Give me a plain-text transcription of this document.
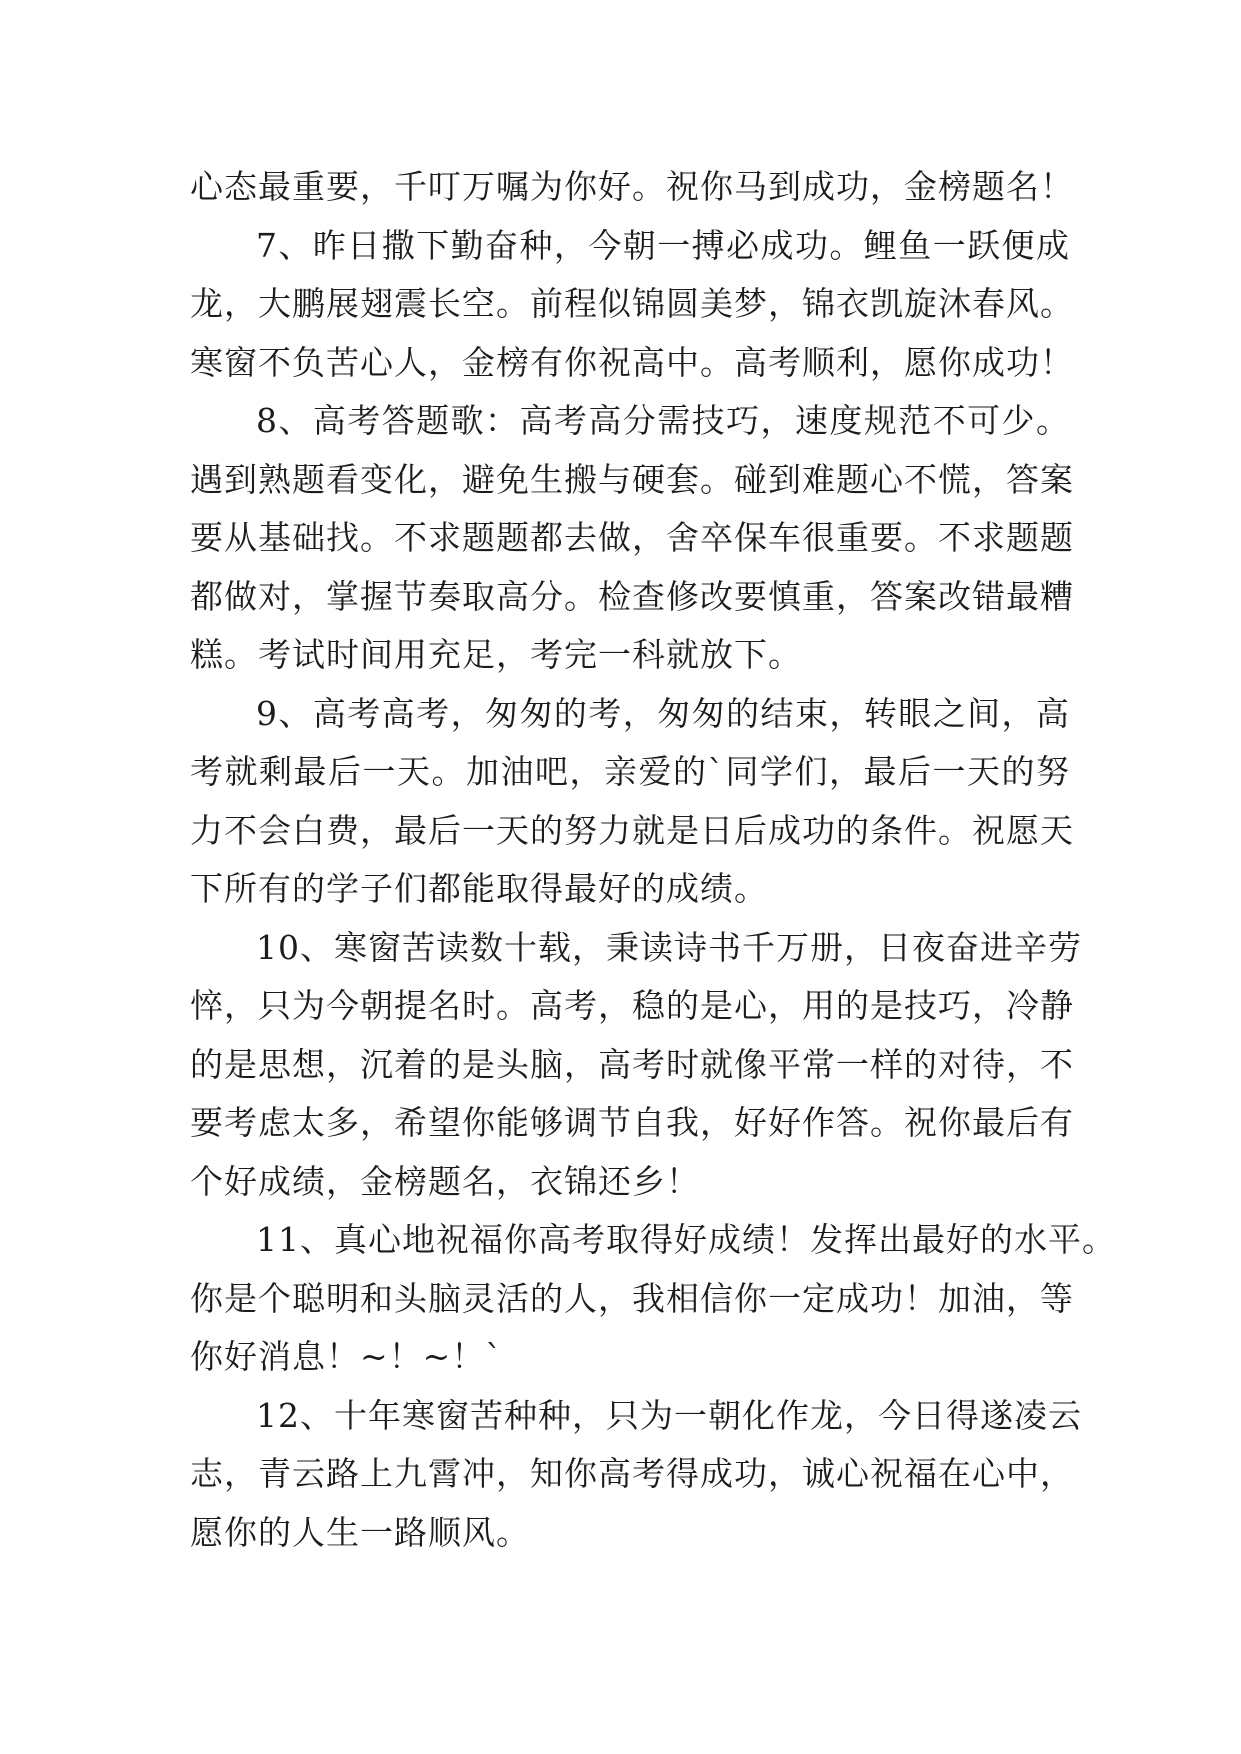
心态最重要，千叮万嘱为你好。祝你马到成功，金榜题名！
7、昨日撒下勤奋种，今朝一搏必成功。鲤鱼一跃便成
龙，大鹏展翅震长空。前程似锦圆美梦，锦衣凯旋沐春风。
寒窗不负苦心人，金榜有你祝高中。高考顺利，愿你成功！
8、高考答题歌：高考高分需技巧，速度规范不可少。
遇到熟题看变化，避免生搬与硬套。碰到难题心不慌，答案
要从基础找。不求题题都去做，舍卒保车很重要。不求题题
都做对，掌握节奏取高分。检查修改要慎重，答案改错最糟
糕。考试时间用充足，考完一科就放下。
9、高考高考，匆匆的考，匆匆的结束，转眼之间，高
考就剩最后一天。加油吧，亲爱的`同学们，最后一天的努
力不会白费，最后一天的努力就是日后成功的条件。祝愿天
下所有的学子们都能取得最好的成绩。
10、寒窗苦读数十载，秉读诗书千万册，日夜奋进辛劳
悴，只为今朝提名时。高考，稳的是心，用的是技巧，冷静
的是思想，沉着的是头脑，高考时就像平常一样的对待，不
要考虑太多，希望你能够调节自我，好好作答。祝你最后有
个好成绩，金榜题名，衣锦还乡！
11、真心地祝福你高考取得好成绩！发挥出最好的水平。
你是个聪明和头脑灵活的人，我相信你一定成功！加油，等
你好消息！~！~！`
12、十年寒窗苦种种，只为一朝化作龙，今日得遂凌云
志，青云路上九霄冲，知你高考得成功，诚心祝福在心中，
愿你的人生一路顺风。
